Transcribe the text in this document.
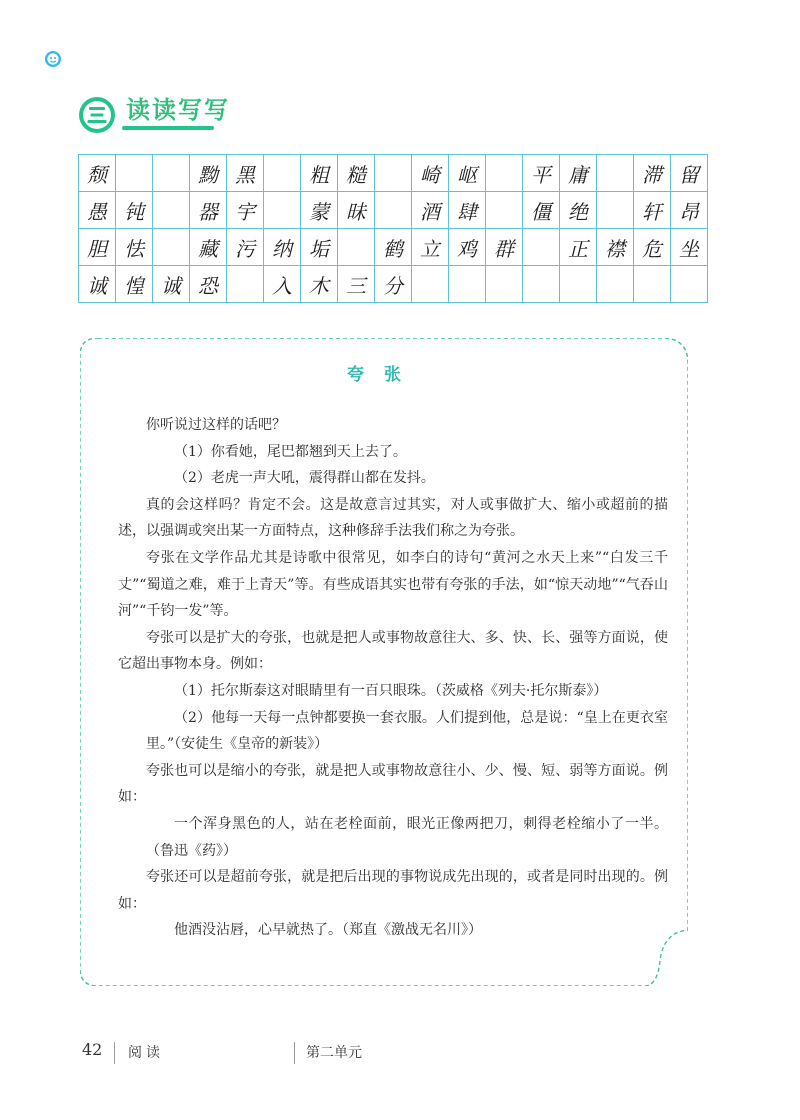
读读写写
颓			黝	黑		粗	糙		崎	岖		平	庸		滞	留
愚	钝		器	宇		蒙	昧		酒	肆		僵	绝		轩	昂
胆	怯		藏	污	纳	垢		鹤	立	鸡	群		正	襟	危	坐
诚	惶	诚	恐		入	木	三	分								
夸张

你听说过这样的话吧？

（1）你看她，尾巴都翘到天上去了。

（2）老虎一声大吼，震得群山都在发抖。

真的会这样吗？肯定不会。这是故意言过其实，对人或事做扩大、缩小或超前的描述，以强调或突出某一方面特点，这种修辞手法我们称之为夸张。

夸张在文学作品尤其是诗歌中很常见，如李白的诗句“黄河之水天上来”“白发三千丈”“蜀道之难，难于上青天”等。有些成语其实也带有夸张的手法，如“惊天动地”“气吞山河”“千钧一发”等。

夸张可以是扩大的夸张，也就是把人或事物故意往大、多、快、长、强等方面说，使它超出事物本身。例如：

（1）托尔斯泰这对眼睛里有一百只眼珠。（茨威格《列夫·托尔斯泰》）

（2）他每一天每一点钟都要换一套衣服。人们提到他，总是说：“皇上在更衣室里。”（安徒生《皇帝的新装》）

夸张也可以是缩小的夸张，就是把人或事物故意往小、少、慢、短、弱等方面说。例如：

一个浑身黑色的人，站在老栓面前，眼光正像两把刀，刺得老栓缩小了一半。（鲁迅《药》）

夸张还可以是超前夸张，就是把后出现的事物说成先出现的，或者是同时出现的。例如：

他酒没沾唇，心早就热了。（郑直《激战无名川》）

42 阅读	第二单元
